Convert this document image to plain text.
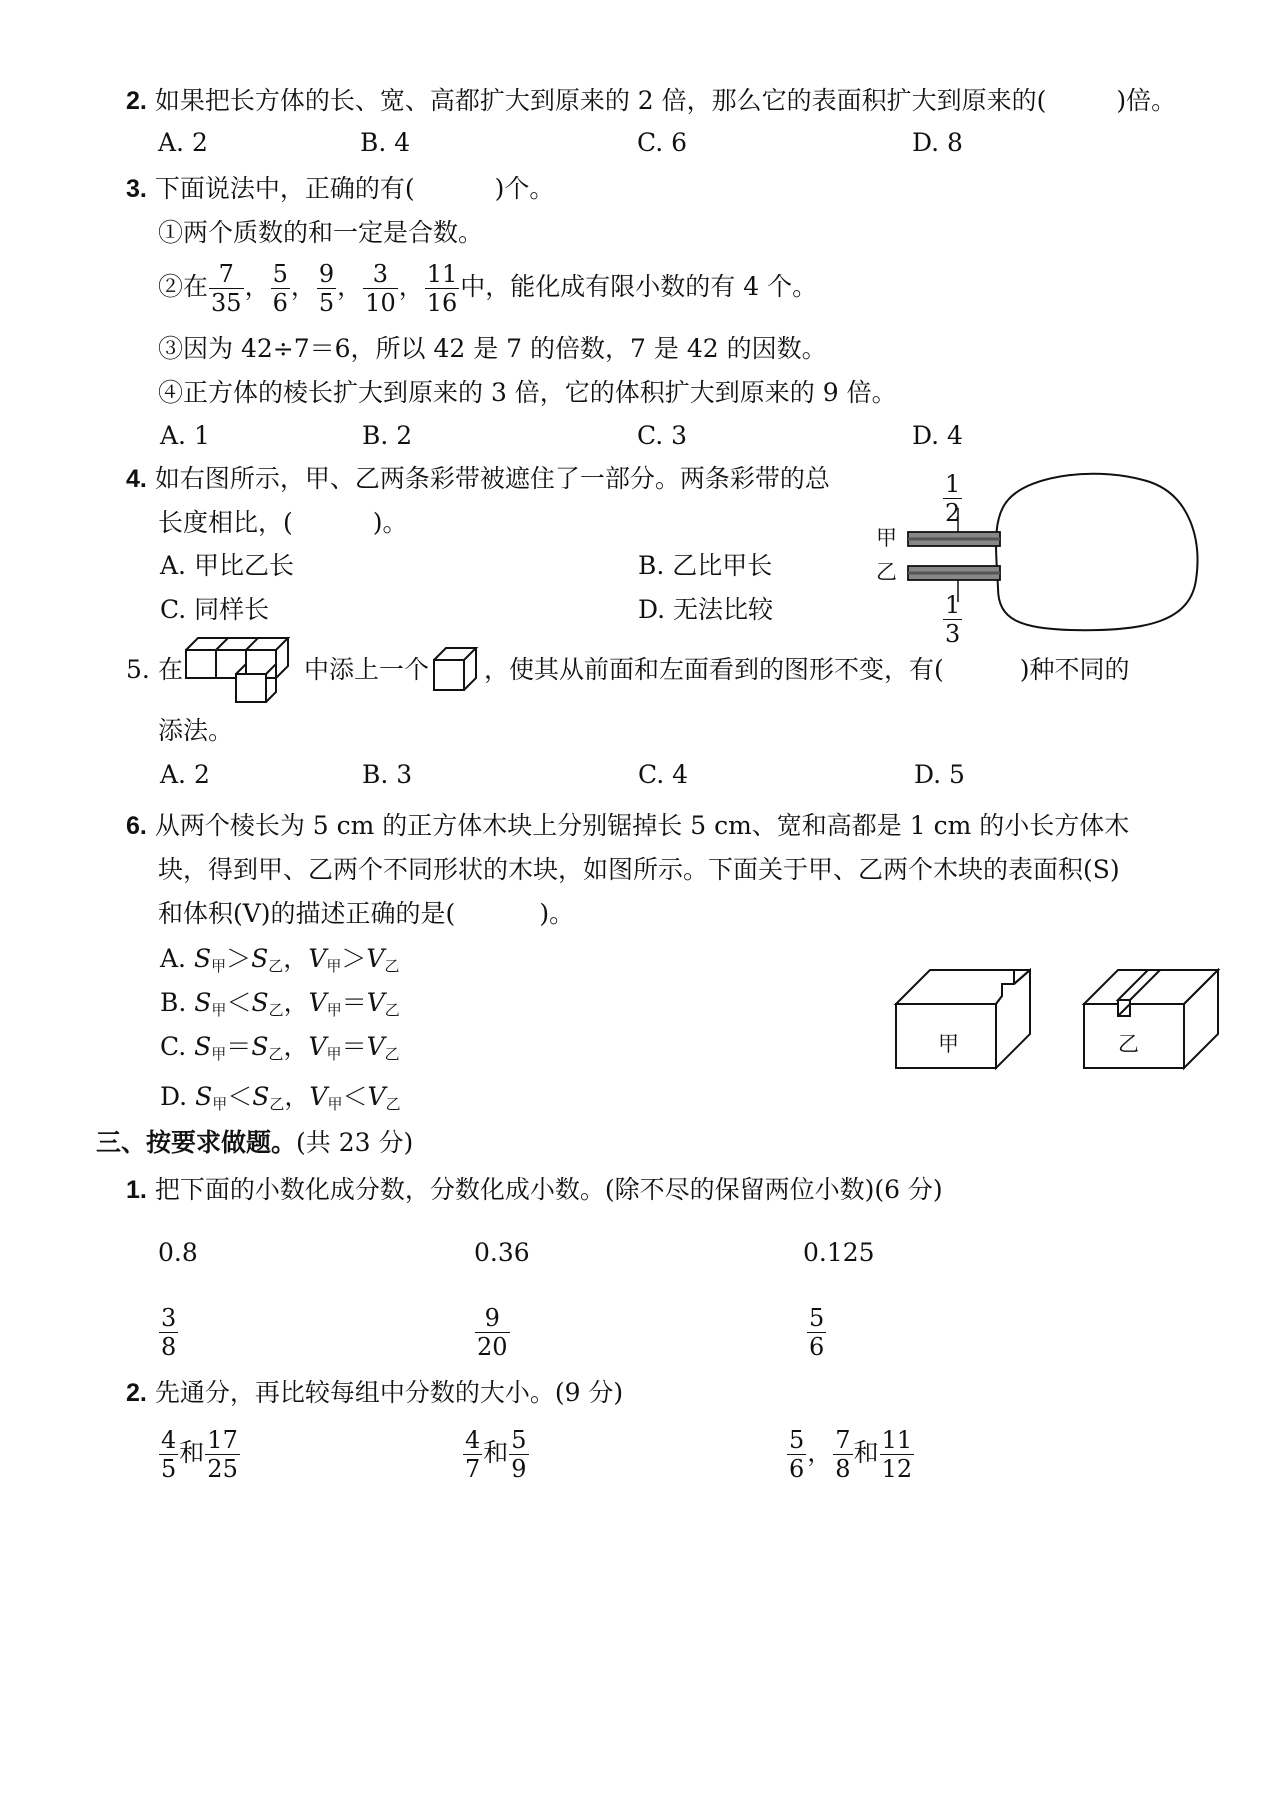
2. 如果把长方体的长、宽、高都扩大到原来的 2 倍，那么它的表面积扩大到原来的(	)倍。
A. 2	B. 4	C. 6	D. 8
3. 下面说法中，正确的有(	)个。
①两个质数的和一定是合数。
②在 $\frac{7}{35}$ ， $\frac{5}{6}$ ， $\frac{9}{5}$ ， $\frac{3}{10}$ ， $\frac{11}{16}$ 中，能化成有限小数的有 4 个。
③因为 42÷7＝6，所以 42 是 7 的倍数，7 是 42 的因数。
④正方体的棱长扩大到原来的 3 倍，它的体积扩大到原来的 9 倍。
A. 1	B. 2	C. 3	D. 4
4. 如右图所示，甲、乙两条彩带被遮住了一部分。两条彩带的总
长度相比，(	)。
A. 甲比乙长	B. 乙比甲长
C. 同样长	D. 无法比较
$\frac{1}{2}$
$\frac{1}{3}$
甲
乙
5. 在	中添上一个 ，使其从前面和左面看到的图形不变，有(	)种不同的
添法。
A. 2	B. 3	C. 4	D. 5
6. 从两个棱长为 5 cm 的正方体木块上分别锯掉长 5 cm、宽和高都是 1 cm 的小长方体木
块，得到甲、乙两个不同形状的木块，如图所示。下面关于甲、乙两个木块的表面积(S)
和体积(V)的描述正确的是(	)。
A. S甲＞S乙，V甲＞V乙
B. S甲＜S乙，V甲＝V乙
C. S甲＝S乙，V甲＝V乙
D. S甲＜S乙，V甲＜V乙
甲	乙
三、按要求做题。(共 23 分)
1. 把下面的小数化成分数，分数化成小数。(除不尽的保留两位小数)(6 分)
0.8	0.36	0.125
$\frac{3}{8}$	$\frac{9}{20}$	$\frac{5}{6}$
2. 先通分，再比较每组中分数的大小。(9 分)
$\frac{4}{5}$ 和 $\frac{17}{25}$	$\frac{4}{7}$ 和 $\frac{5}{9}$	$\frac{5}{6}$ ， $\frac{7}{8}$ 和 $\frac{11}{12}$
